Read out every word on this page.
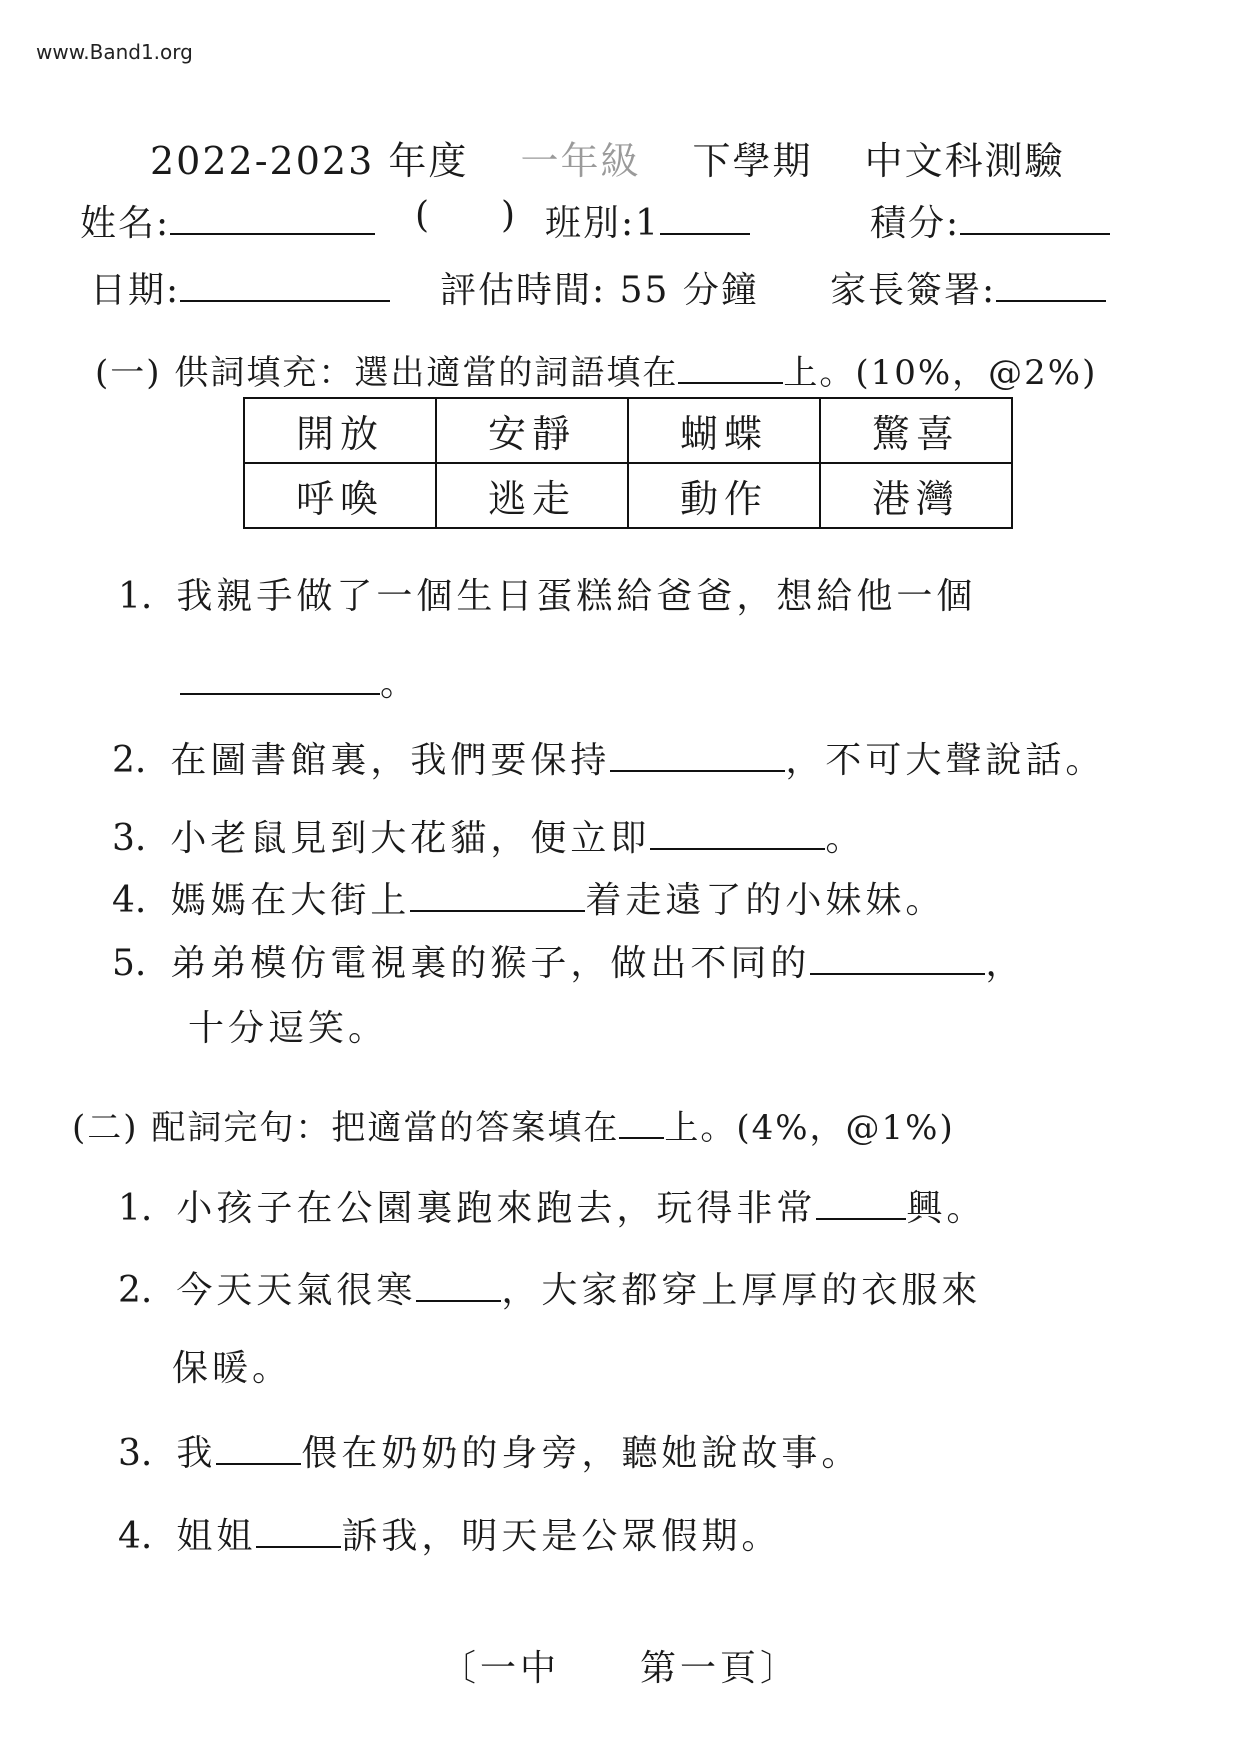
www.Band1.org
2022-2023 年度 一年級 下學期 中文科測驗
姓名:	( ) 班別:1	積分:
日期:	評估時間: 55 分鐘 家長簽署:
(一) 供詞填充：選出適當的詞語填在	上。(10%，@2%)
開放	安靜	蝴蝶	驚喜
呼喚	逃走	動作	港灣
1. 我親手做了一個生日蛋糕給爸爸，想給他一個
。
2. 在圖書館裏，我們要保持	，不可大聲說話。
3. 小老鼠見到大花貓，便立即	。
4. 媽媽在大街上	着走遠了的小妹妹。
5. 弟弟模仿電視裏的猴子，做出不同的	，
十分逗笑。
(二) 配詞完句：把適當的答案填在 上。(4%，@1%)
1. 小孩子在公園裏跑來跑去，玩得非常	興。
2. 今天天氣很寒 ，大家都穿上厚厚的衣服來
保暖。
3. 我 偎在奶奶的身旁，聽她說故事。
4. 姐姐 訴我，明天是公眾假期。
〔一中　　第一頁〕
